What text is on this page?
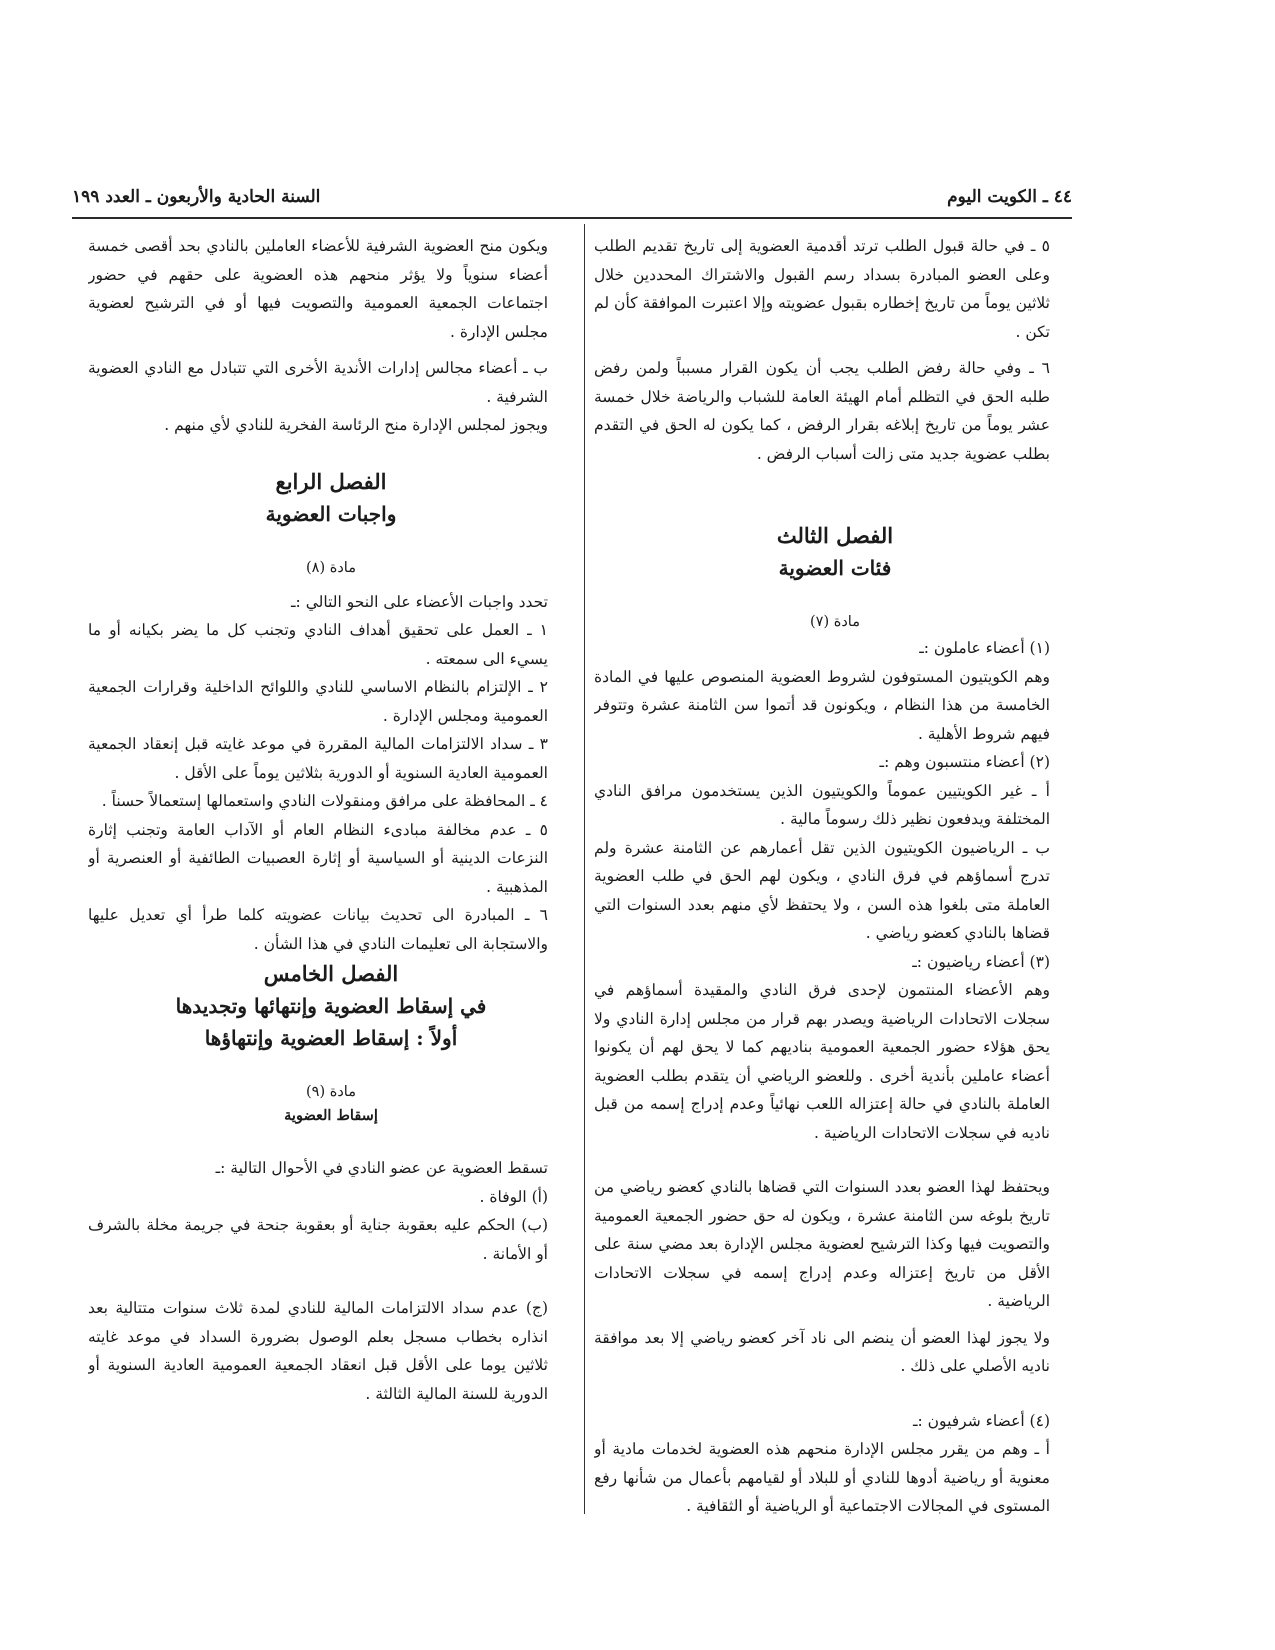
٤٤ ـ الكويت اليوم
السنة الحادية والأربعون ـ العدد ١٩٩

٥ ـ في حالة قبول الطلب ترتد أقدمية العضوية إلى تاريخ تقديم الطلب وعلى العضو المبادرة بسداد رسم القبول والاشتراك المحددين خلال ثلاثين يوماً من تاريخ إخطاره بقبول عضويته وإلا اعتبرت الموافقة كأن لم تكن .

٦ ـ وفي حالة رفض الطلب يجب أن يكون القرار مسبباً ولمن رفض طلبه الحق في التظلم أمام الهيئة العامة للشباب والرياضة خلال خمسة عشر يوماً من تاريخ إبلاغه بقرار الرفض ، كما يكون له الحق في التقدم بطلب عضوية جديد متى زالت أسباب الرفض .

الفصل الثالث

فئات العضوية

مادة (٧)

(١) أعضاء عاملون :ـ

وهم الكويتيون المستوفون لشروط العضوية المنصوص عليها في المادة الخامسة من هذا النظام ، ويكونون قد أتموا سن الثامنة عشرة وتتوفر فيهم شروط الأهلية .

(٢) أعضاء منتسبون وهم :ـ

أ ـ غير الكويتيين عموماً والكويتيون الذين يستخدمون مرافق النادي المختلفة ويدفعون نظير ذلك رسوماً مالية .

ب ـ الرياضيون الكويتيون الذين تقل أعمارهم عن الثامنة عشرة ولم تدرج أسماؤهم في فرق النادي ، ويكون لهم الحق في طلب العضوية العاملة متى بلغوا هذه السن ، ولا يحتفظ لأي منهم بعدد السنوات التي قضاها بالنادي كعضو رياضي .

(٣) أعضاء رياضيون :ـ

وهم الأعضاء المنتمون لإحدى فرق النادي والمقيدة أسماؤهم في سجلات الاتحادات الرياضية ويصدر بهم قرار من مجلس إدارة النادي ولا يحق هؤلاء حضور الجمعية العمومية بناديهم كما لا يحق لهم أن يكونوا أعضاء عاملين بأندية أخرى . وللعضو الرياضي أن يتقدم بطلب العضوية العاملة بالنادي في حالة إعتزاله اللعب نهائياً وعدم إدراج إسمه من قبل ناديه في سجلات الاتحادات الرياضية .

ويحتفظ لهذا العضو بعدد السنوات التي قضاها بالنادي كعضو رياضي من تاريخ بلوغه سن الثامنة عشرة ، ويكون له حق حضور الجمعية العمومية والتصويت فيها وكذا الترشيح لعضوية مجلس الإدارة بعد مضي سنة على الأقل من تاريخ إعتزاله وعدم إدراج إسمه في سجلات الاتحادات الرياضية .

ولا يجوز لهذا العضو أن ينضم الى ناد آخر كعضو رياضي إلا بعد موافقة ناديه الأصلي على ذلك .

(٤) أعضاء شرفيون :ـ

أ ـ وهم من يقرر مجلس الإدارة منحهم هذه العضوية لخدمات مادية أو معنوية أو رياضية أدوها للنادي أو للبلاد أو لقيامهم بأعمال من شأنها رفع المستوى في المجالات الاجتماعية أو الرياضية أو الثقافية .

ويكون منح العضوية الشرفية للأعضاء العاملين بالنادي بحد أقصى خمسة أعضاء سنوياً ولا يؤثر منحهم هذه العضوية على حقهم في حضور اجتماعات الجمعية العمومية والتصويت فيها أو في الترشيح لعضوية مجلس الإدارة .

ب ـ أعضاء مجالس إدارات الأندية الأخرى التي تتبادل مع النادي العضوية الشرفية .

ويجوز لمجلس الإدارة منح الرئاسة الفخرية للنادي لأي منهم .

الفصل الرابع

واجبات العضوية

مادة (٨)

تحدد واجبات الأعضاء على النحو التالي :ـ

١ ـ العمل على تحقيق أهداف النادي وتجنب كل ما يضر بكيانه أو ما يسيء الى سمعته .

٢ ـ الإلتزام بالنظام الاساسي للنادي واللوائح الداخلية وقرارات الجمعية العمومية ومجلس الإدارة .

٣ ـ سداد الالتزامات المالية المقررة في موعد غايته قبل إنعقاد الجمعية العمومية العادية السنوية أو الدورية بثلاثين يوماً على الأقل .

٤ ـ المحافظة على مرافق ومنقولات النادي واستعمالها إستعمالاً حسناً .

٥ ـ عدم مخالفة مبادىء النظام العام أو الآداب العامة وتجنب إثارة النزعات الدينية أو السياسية أو إثارة العصبيات الطائفية أو العنصرية أو المذهبية .

٦ ـ المبادرة الى تحديث بيانات عضويته كلما طرأ أي تعديل عليها والاستجابة الى تعليمات النادي في هذا الشأن .

الفصل الخامس

في إسقاط العضوية وإنتهائها وتجديدها

أولاً : إسقاط العضوية وإنتهاؤها

مادة (٩)

إسقاط العضوية

تسقط العضوية عن عضو النادي في الأحوال التالية :ـ

(أ) الوفاة .

(ب) الحكم عليه بعقوبة جناية أو بعقوبة جنحة في جريمة مخلة بالشرف أو الأمانة .

(ج) عدم سداد الالتزامات المالية للنادي لمدة ثلاث سنوات متتالية بعد انذاره بخطاب مسجل بعلم الوصول بضرورة السداد في موعد غايته ثلاثين يوما على الأقل قبل انعقاد الجمعية العمومية العادية السنوية أو الدورية للسنة المالية الثالثة .
